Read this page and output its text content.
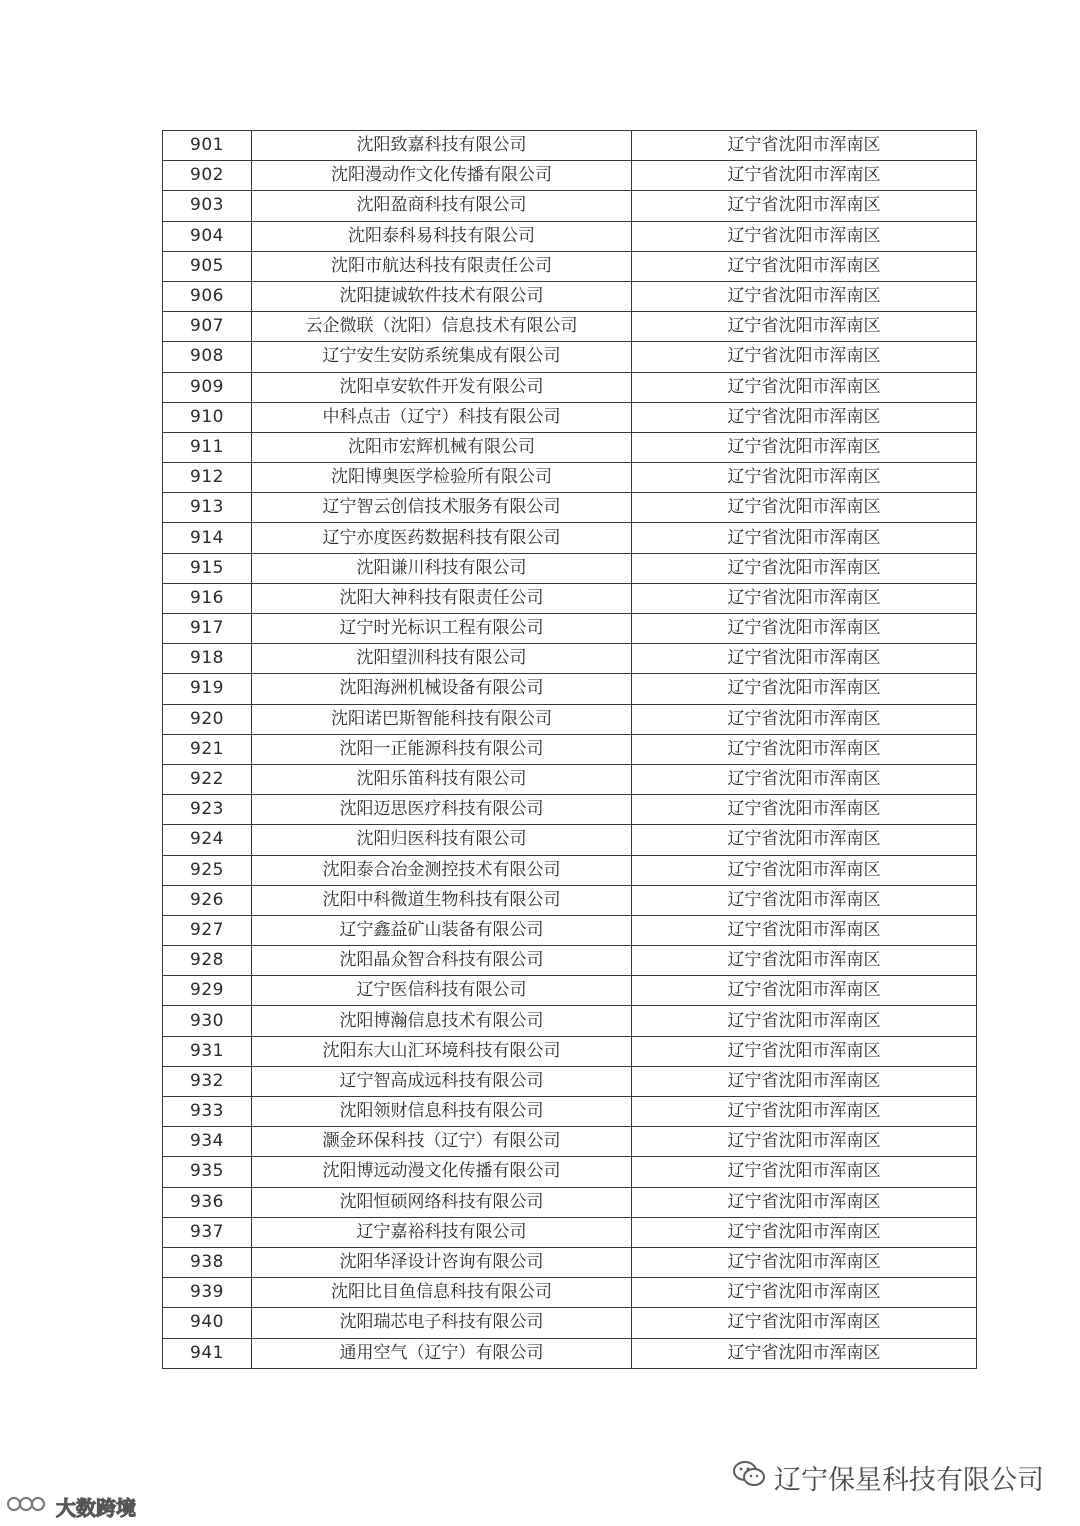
901	沈阳致嘉科技有限公司	辽宁省沈阳市浑南区
902	沈阳漫动作文化传播有限公司	辽宁省沈阳市浑南区
903	沈阳盈商科技有限公司	辽宁省沈阳市浑南区
904	沈阳泰科易科技有限公司	辽宁省沈阳市浑南区
905	沈阳市航达科技有限责任公司	辽宁省沈阳市浑南区
906	沈阳捷诚软件技术有限公司	辽宁省沈阳市浑南区
907	云企微联（沈阳）信息技术有限公司	辽宁省沈阳市浑南区
908	辽宁安生安防系统集成有限公司	辽宁省沈阳市浑南区
909	沈阳卓安软件开发有限公司	辽宁省沈阳市浑南区
910	中科点击（辽宁）科技有限公司	辽宁省沈阳市浑南区
911	沈阳市宏辉机械有限公司	辽宁省沈阳市浑南区
912	沈阳博奥医学检验所有限公司	辽宁省沈阳市浑南区
913	辽宁智云创信技术服务有限公司	辽宁省沈阳市浑南区
914	辽宁亦度医药数据科技有限公司	辽宁省沈阳市浑南区
915	沈阳谦川科技有限公司	辽宁省沈阳市浑南区
916	沈阳大神科技有限责任公司	辽宁省沈阳市浑南区
917	辽宁时光标识工程有限公司	辽宁省沈阳市浑南区
918	沈阳望汌科技有限公司	辽宁省沈阳市浑南区
919	沈阳海洲机械设备有限公司	辽宁省沈阳市浑南区
920	沈阳诺巴斯智能科技有限公司	辽宁省沈阳市浑南区
921	沈阳一正能源科技有限公司	辽宁省沈阳市浑南区
922	沈阳乐笛科技有限公司	辽宁省沈阳市浑南区
923	沈阳迈思医疗科技有限公司	辽宁省沈阳市浑南区
924	沈阳归医科技有限公司	辽宁省沈阳市浑南区
925	沈阳泰合冶金测控技术有限公司	辽宁省沈阳市浑南区
926	沈阳中科微道生物科技有限公司	辽宁省沈阳市浑南区
927	辽宁鑫益矿山装备有限公司	辽宁省沈阳市浑南区
928	沈阳晶众智合科技有限公司	辽宁省沈阳市浑南区
929	辽宁医信科技有限公司	辽宁省沈阳市浑南区
930	沈阳博瀚信息技术有限公司	辽宁省沈阳市浑南区
931	沈阳东大山汇环境科技有限公司	辽宁省沈阳市浑南区
932	辽宁智高成远科技有限公司	辽宁省沈阳市浑南区
933	沈阳领财信息科技有限公司	辽宁省沈阳市浑南区
934	灏金环保科技（辽宁）有限公司	辽宁省沈阳市浑南区
935	沈阳博远动漫文化传播有限公司	辽宁省沈阳市浑南区
936	沈阳恒硕网络科技有限公司	辽宁省沈阳市浑南区
937	辽宁嘉裕科技有限公司	辽宁省沈阳市浑南区
938	沈阳华泽设计咨询有限公司	辽宁省沈阳市浑南区
939	沈阳比目鱼信息科技有限公司	辽宁省沈阳市浑南区
940	沈阳瑞芯电子科技有限公司	辽宁省沈阳市浑南区
941	通用空气（辽宁）有限公司	辽宁省沈阳市浑南区
辽宁保星科技有限公司
大数跨境
